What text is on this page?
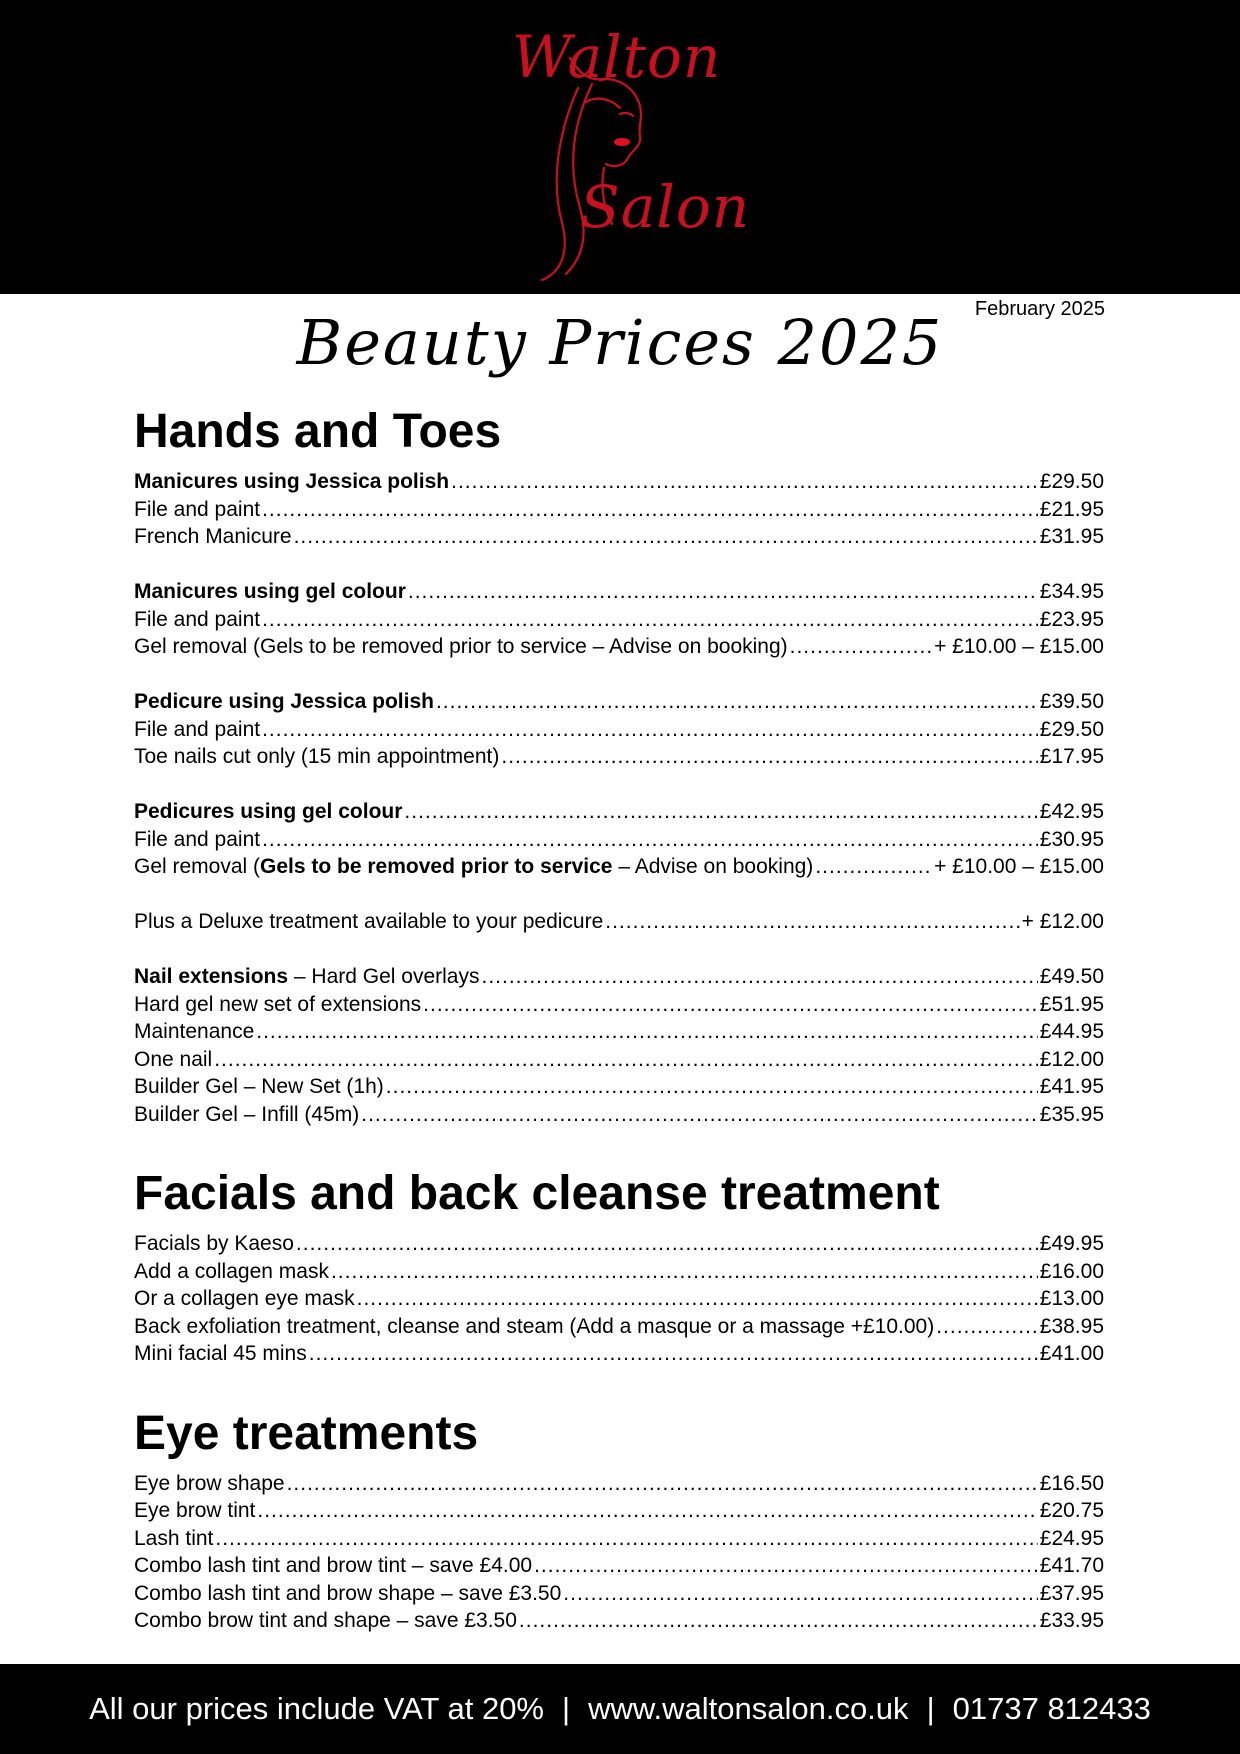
Walton
Salon
February 2025
Beauty Prices 2025
Hands and Toes
Manicures using Jessica polish .....	£29.50
File and paint .....	£21.95
French Manicure .....	£31.95
Manicures using gel colour .....	£34.95
File and paint .....	£23.95
Gel removal (Gels to be removed prior to service – Advise on booking) .....	+ £10.00 – £15.00
Pedicure using Jessica polish .....	£39.50
File and paint .....	£29.50
Toe nails cut only (15 min appointment) .....	£17.95
Pedicures using gel colour .....	£42.95
File and paint .....	£30.95
Gel removal (Gels to be removed prior to service – Advise on booking) .....	+ £10.00 – £15.00
Plus a Deluxe treatment available to your pedicure .....	+ £12.00
Nail extensions – Hard Gel overlays .....	£49.50
Hard gel new set of extensions .....	£51.95
Maintenance .....	£44.95
One nail .....	£12.00
Builder Gel – New Set (1h) .....	£41.95
Builder Gel – Infill (45m) .....	£35.95
Facials and back cleanse treatment
Facials by Kaeso .....	£49.95
Add a collagen mask .....	£16.00
Or a collagen eye mask .....	£13.00
Back exfoliation treatment, cleanse and steam (Add a masque or a massage +£10.00) .....	£38.95
Mini facial 45 mins .....	£41.00
Eye treatments
Eye brow shape .....	£16.50
Eye brow tint .....	£20.75
Lash tint .....	£24.95
Combo lash tint and brow tint – save £4.00 .....	£41.70
Combo lash tint and brow shape – save £3.50 .....	£37.95
Combo brow tint and shape – save £3.50 .....	£33.95
All our prices include VAT at 20% | www.waltonsalon.co.uk | 01737 812433
